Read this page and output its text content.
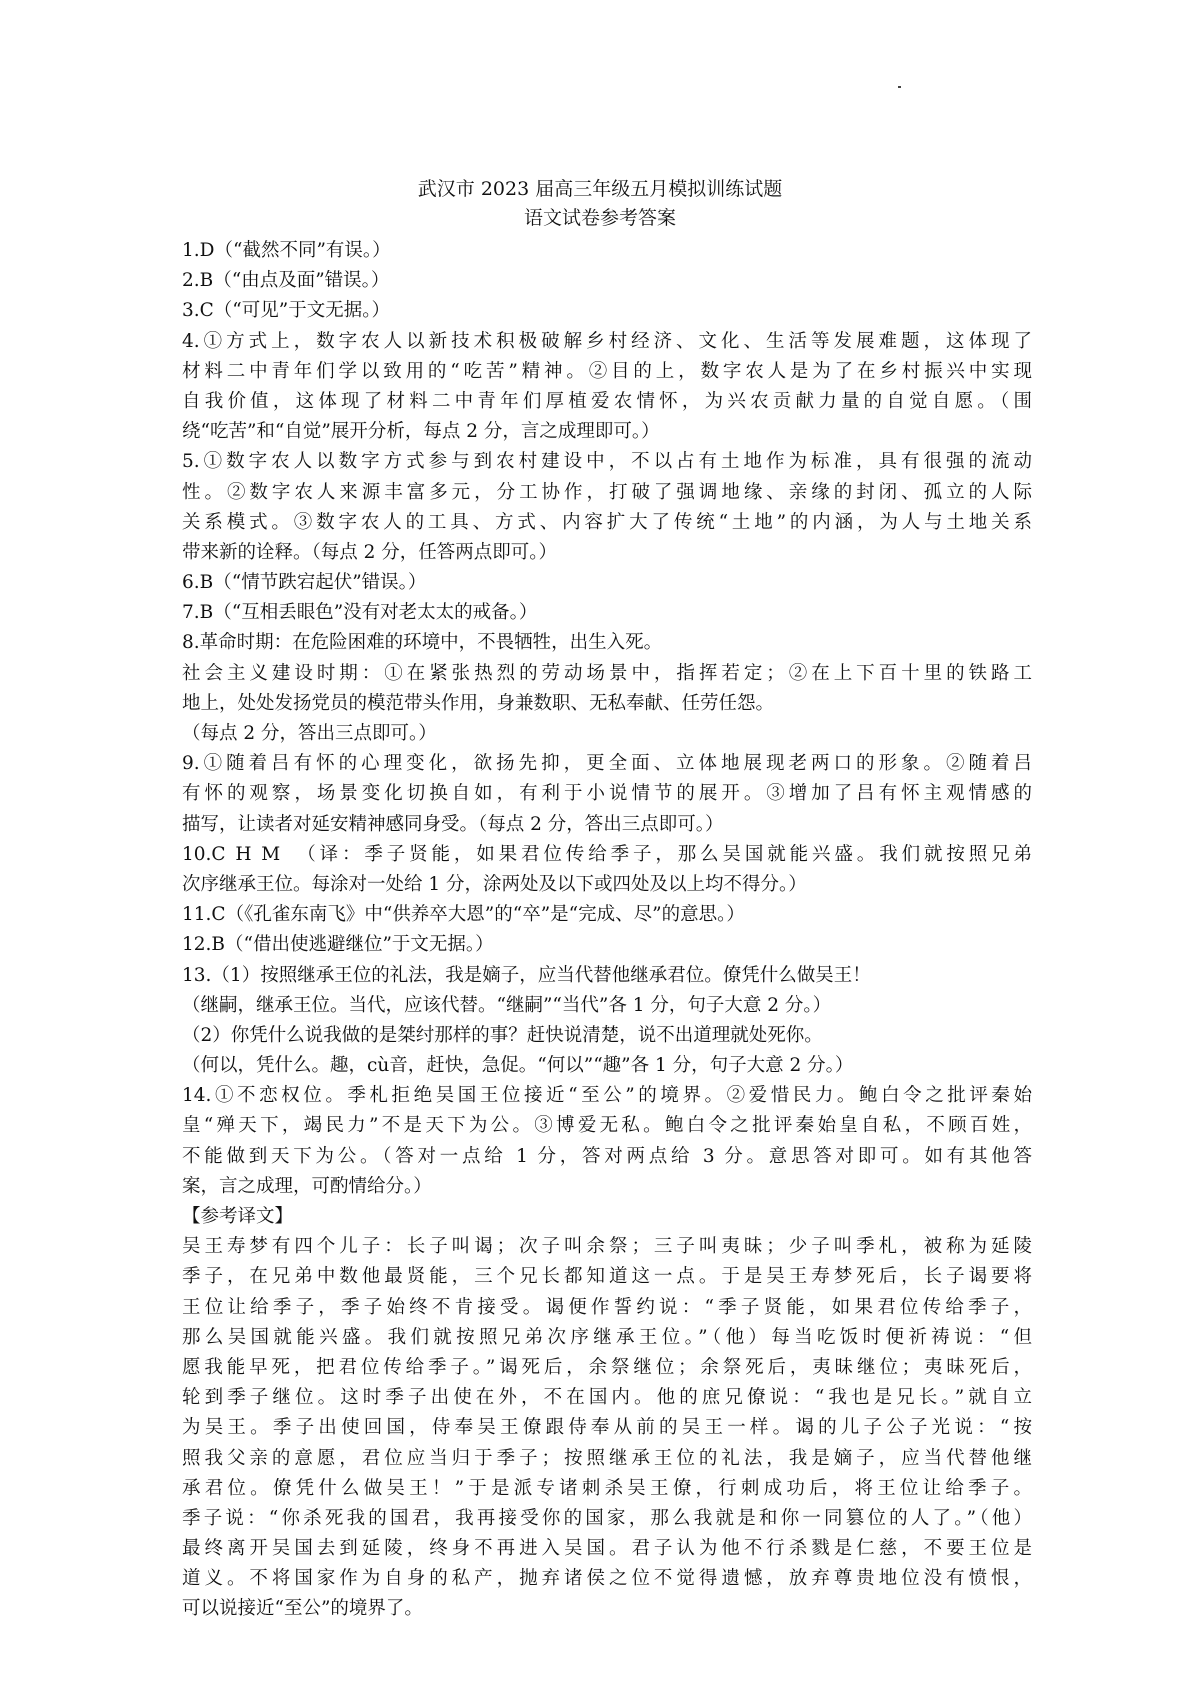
武汉市 2023 届高三年级五月模拟训练试题
语文试卷参考答案
1.D（“截然不同”有误。）
2.B（“由点及面”错误。）
3.C（“可见”于文无据。）
4.①方式上，数字农人以新技术积极破解乡村经济、文化、生活等发展难题，这体现了
材料二中青年们学以致用的“吃苦”精神。②目的上，数字农人是为了在乡村振兴中实现
自我价值，这体现了材料二中青年们厚植爱农情怀，为兴农贡献力量的自觉自愿。（围
绕“吃苦”和“自觉”展开分析，每点 2 分，言之成理即可。）
5.①数字农人以数字方式参与到农村建设中，不以占有土地作为标准，具有很强的流动
性。②数字农人来源丰富多元，分工协作，打破了强调地缘、亲缘的封闭、孤立的人际
关系模式。③数字农人的工具、方式、内容扩大了传统“土地”的内涵，为人与土地关系
带来新的诠释。（每点 2 分，任答两点即可。）
6.B（“情节跌宕起伏”错误。）
7.B（“互相丢眼色”没有对老太太的戒备。）
8.革命时期：在危险困难的环境中，不畏牺牲，出生入死。
社会主义建设时期：①在紧张热烈的劳动场景中，指挥若定；②在上下百十里的铁路工
地上，处处发扬党员的模范带头作用，身兼数职、无私奉献、任劳任怨。
（每点 2 分，答出三点即可。）
9.①随着吕有怀的心理变化，欲扬先抑，更全面、立体地展现老两口的形象。②随着吕
有怀的观察，场景变化切换自如，有利于小说情节的展开。③增加了吕有怀主观情感的
描写，让读者对延安精神感同身受。（每点 2 分，答出三点即可。）
10.C H M　（译：季子贤能，如果君位传给季子，那么吴国就能兴盛。我们就按照兄弟
次序继承王位。每涂对一处给 1 分，涂两处及以下或四处及以上均不得分。）
11.C（《孔雀东南飞》中“供养卒大恩”的“卒”是“完成、尽”的意思。）
12.B（“借出使逃避继位”于文无据。）
13.（1）按照继承王位的礼法，我是嫡子，应当代替他继承君位。僚凭什么做吴王！
（继嗣，继承王位。当代，应该代替。“继嗣”“当代”各 1 分，句子大意 2 分。）
（2）你凭什么说我做的是桀纣那样的事？赶快说清楚，说不出道理就处死你。
（何以，凭什么。趣，cù音，赶快，急促。“何以”“趣”各 1 分，句子大意 2 分。）
14.①不恋权位。季札拒绝吴国王位接近“至公”的境界。②爱惜民力。鲍白令之批评秦始
皇“殚天下，竭民力”不是天下为公。③博爱无私。鲍白令之批评秦始皇自私，不顾百姓，
不能做到天下为公。（答对一点给 1 分，答对两点给 3 分。意思答对即可。如有其他答
案，言之成理，可酌情给分。）
【参考译文】
吴王寿梦有四个儿子：长子叫谒；次子叫余祭；三子叫夷昧；少子叫季札，被称为延陵
季子，在兄弟中数他最贤能，三个兄长都知道这一点。于是吴王寿梦死后，长子谒要将
王位让给季子，季子始终不肯接受。谒便作誓约说：“季子贤能，如果君位传给季子，
那么吴国就能兴盛。我们就按照兄弟次序继承王位。”（他）每当吃饭时便祈祷说：“但
愿我能早死，把君位传给季子。”谒死后，余祭继位；余祭死后，夷昧继位；夷昧死后，
轮到季子继位。这时季子出使在外，不在国内。他的庶兄僚说：“我也是兄长。”就自立
为吴王。季子出使回国，侍奉吴王僚跟侍奉从前的吴王一样。谒的儿子公子光说：“按
照我父亲的意愿，君位应当归于季子；按照继承王位的礼法，我是嫡子，应当代替他继
承君位。僚凭什么做吴王！”于是派专诸刺杀吴王僚，行刺成功后，将王位让给季子。
季子说：“你杀死我的国君，我再接受你的国家，那么我就是和你一同篡位的人了。”（他）
最终离开吴国去到延陵，终身不再进入吴国。君子认为他不行杀戮是仁慈，不要王位是
道义。不将国家作为自身的私产，抛弃诸侯之位不觉得遗憾，放弃尊贵地位没有愤恨，
可以说接近“至公”的境界了。
